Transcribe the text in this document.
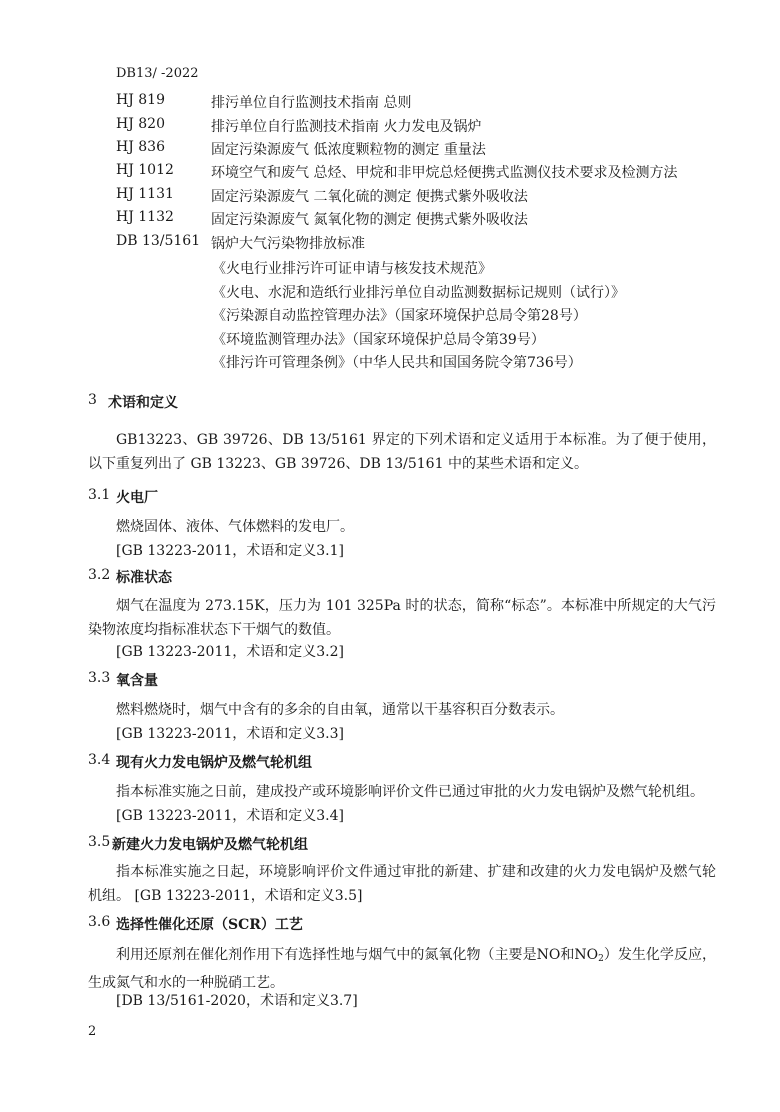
DB13/ -2022
HJ 819	排污单位自行监测技术指南 总则
HJ 820	排污单位自行监测技术指南 火力发电及锅炉
HJ 836	固定污染源废气 低浓度颗粒物的测定 重量法
HJ 1012	环境空气和废气 总烃、甲烷和非甲烷总烃便携式监测仪技术要求及检测方法
HJ 1131	固定污染源废气 二氧化硫的测定 便携式紫外吸收法
HJ 1132	固定污染源废气 氮氧化物的测定 便携式紫外吸收法
DB 13/5161 锅炉大气污染物排放标准
《火电行业排污许可证申请与核发技术规范》
《火电、水泥和造纸行业排污单位自动监测数据标记规则（试行）》
《污染源自动监控管理办法》（国家环境保护总局令第28号）
《环境监测管理办法》（国家环境保护总局令第39号）
《排污许可管理条例》（中华人民共和国国务院令第736号）
3 术语和定义
GB13223、GB 39726、DB 13/5161 界定的下列术语和定义适用于本标准。为了便于使用，以下重复列出了 GB 13223、GB 39726、DB 13/5161 中的某些术语和定义。
3.1 火电厂
燃烧固体、液体、气体燃料的发电厂。
[GB 13223-2011，术语和定义3.1]
3.2 标准状态
烟气在温度为 273.15K，压力为 101 325Pa 时的状态，简称“标态”。本标准中所规定的大气污染物浓度均指标准状态下干烟气的数值。
[GB 13223-2011，术语和定义3.2]
3.3 氧含量
燃料燃烧时，烟气中含有的多余的自由氧，通常以干基容积百分数表示。
[GB 13223-2011，术语和定义3.3]
3.4 现有火力发电锅炉及燃气轮机组
指本标准实施之日前，建成投产或环境影响评价文件已通过审批的火力发电锅炉及燃气轮机组。
[GB 13223-2011，术语和定义3.4]
3.5 新建火力发电锅炉及燃气轮机组
指本标准实施之日起，环境影响评价文件通过审批的新建、扩建和改建的火力发电锅炉及燃气轮机组。 [GB 13223-2011，术语和定义3.5]
3.6 选择性催化还原（SCR）工艺
利用还原剂在催化剂作用下有选择性地与烟气中的氮氧化物（主要是NO和$NO_2$）发生化学反应，生成氮气和水的一种脱硝工艺。
[DB 13/5161-2020，术语和定义3.7]
2
